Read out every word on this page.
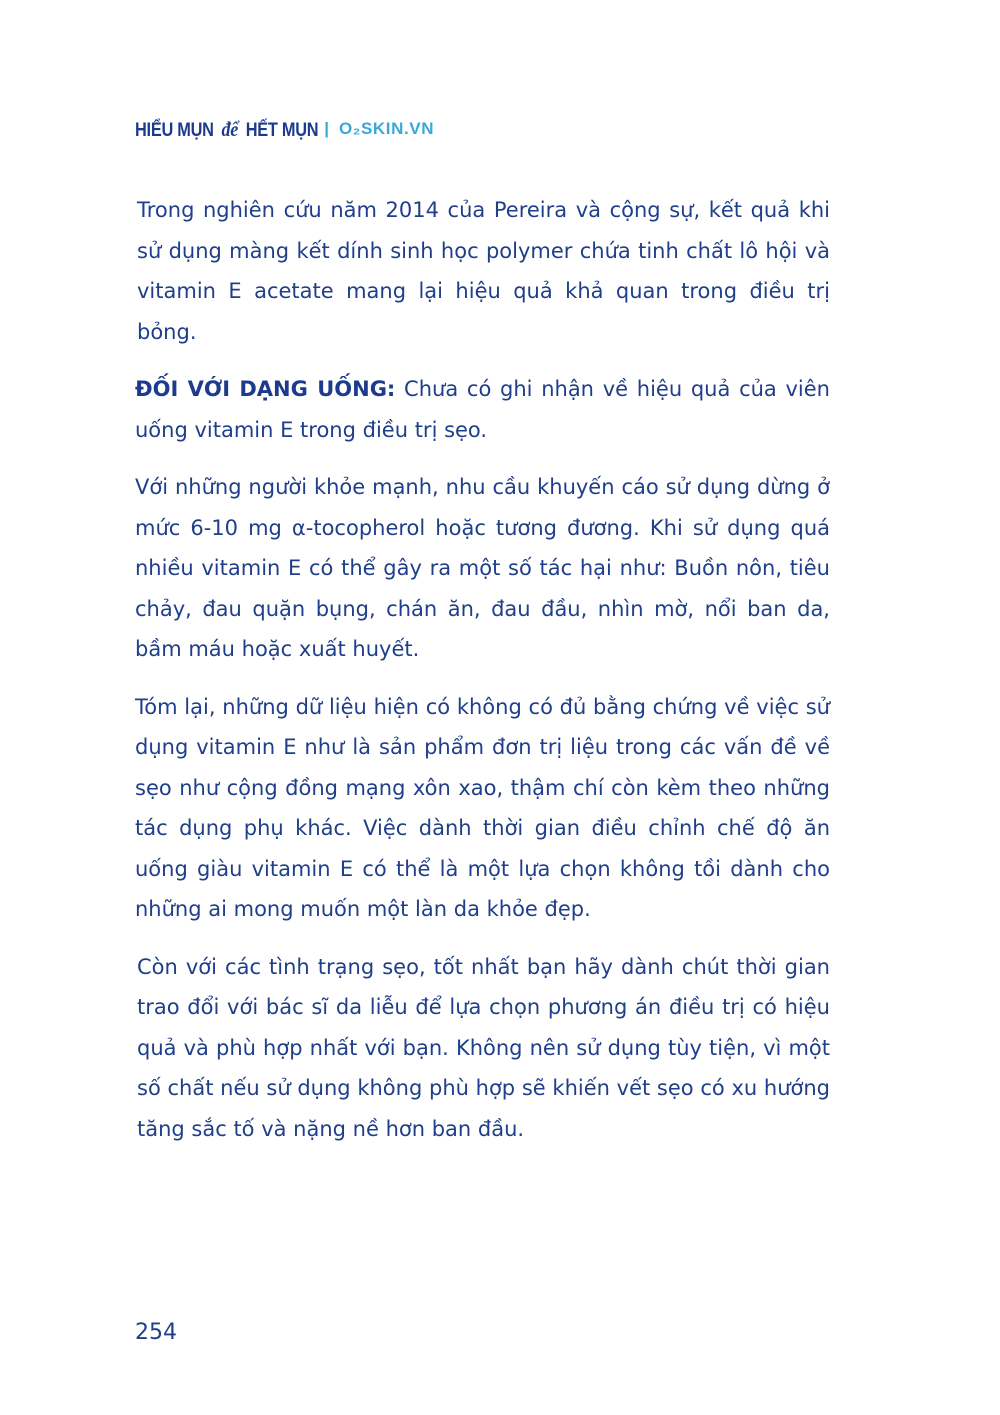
HIỂU MỤN để HẾT MỤN | O₂SKIN.VN

Trong nghiên cứu năm 2014 của Pereira và cộng sự, kết quả khi sử dụng màng kết dính sinh học polymer chứa tinh chất lô hội và vitamin E acetate mang lại hiệu quả khả quan trong điều trị bỏng.

ĐỐI VỚI DẠNG UỐNG: Chưa có ghi nhận về hiệu quả của viên uống vitamin E trong điều trị sẹo.

Với những người khỏe mạnh, nhu cầu khuyến cáo sử dụng dừng ở mức 6-10 mg α-tocopherol hoặc tương đương. Khi sử dụng quá nhiều vitamin E có thể gây ra một số tác hại như: Buồn nôn, tiêu chảy, đau quặn bụng, chán ăn, đau đầu, nhìn mờ, nổi ban da, bầm máu hoặc xuất huyết.

Tóm lại, những dữ liệu hiện có không có đủ bằng chứng về việc sử dụng vitamin E như là sản phẩm đơn trị liệu trong các vấn đề về sẹo như cộng đồng mạng xôn xao, thậm chí còn kèm theo những tác dụng phụ khác. Việc dành thời gian điều chỉnh chế độ ăn uống giàu vitamin E có thể là một lựa chọn không tồi dành cho những ai mong muốn một làn da khỏe đẹp.

Còn với các tình trạng sẹo, tốt nhất bạn hãy dành chút thời gian trao đổi với bác sĩ da liễu để lựa chọn phương án điều trị có hiệu quả và phù hợp nhất với bạn. Không nên sử dụng tùy tiện, vì một số chất nếu sử dụng không phù hợp sẽ khiến vết sẹo có xu hướng tăng sắc tố và nặng nề hơn ban đầu.

254
